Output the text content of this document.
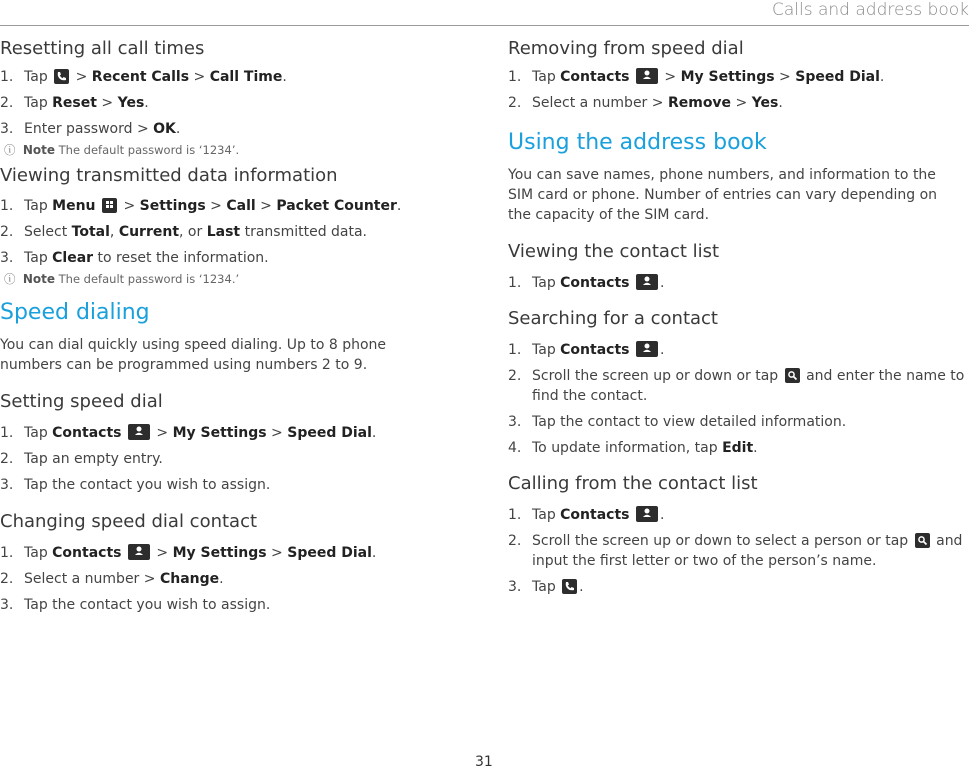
Calls and address book
Resetting all call times
1. Tap > Recent Calls > Call Time.
2. Tap Reset > Yes.
3. Enter password > OK.
ⓘ Note The default password is ‘1234’.
Viewing transmitted data information
1. Tap Menu > Settings > Call > Packet Counter.
2. Select Total, Current, or Last transmitted data.
3. Tap Clear to reset the information.
ⓘ Note The default password is ‘1234.’
Speed dialing

You can dial quickly using speed dialing. Up to 8 phone numbers can be programmed using numbers 2 to 9.

Setting speed dial
1. Tap Contacts > My Settings > Speed Dial.
2. Tap an empty entry.
3. Tap the contact you wish to assign.
Changing speed dial contact
1. Tap Contacts > My Settings > Speed Dial.
2. Select a number > Change.
3. Tap the contact you wish to assign.
Removing from speed dial
1. Tap Contacts > My Settings > Speed Dial.
2. Select a number > Remove > Yes.
Using the address book

You can save names, phone numbers, and information to the SIM card or phone. Number of entries can vary depending on the capacity of the SIM card.

Viewing the contact list
1. Tap Contacts .
Searching for a contact
1. Tap Contacts .
2. Scroll the screen up or down or tap and enter the name to find the contact.
3. Tap the contact to view detailed information.
4. To update information, tap Edit.
Calling from the contact list
1. Tap Contacts .
2. Scroll the screen up or down to select a person or tap and input the first letter or two of the person’s name.
3. Tap .
31
